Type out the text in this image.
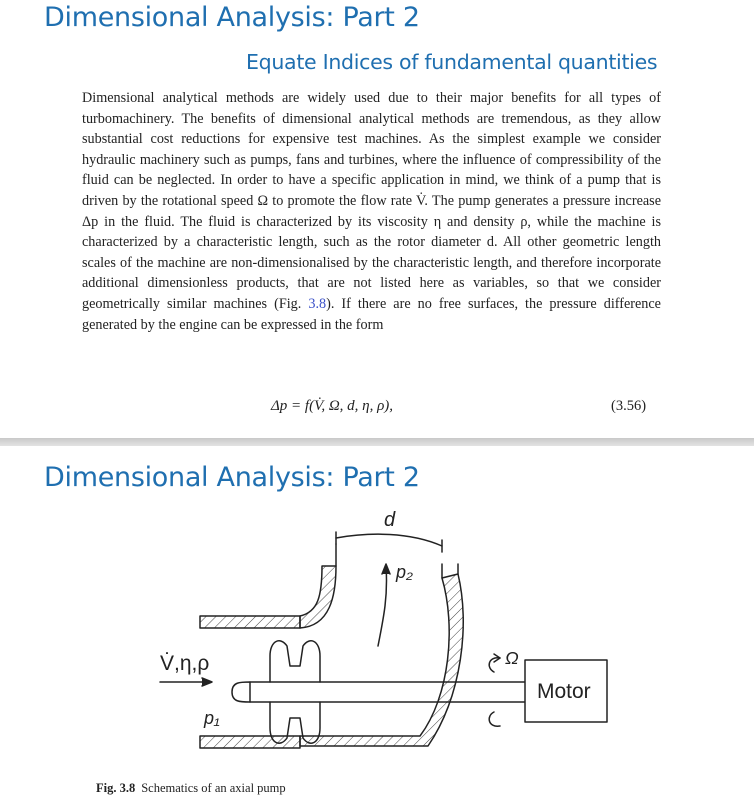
Dimensional Analysis: Part 2
Equate Indices of fundamental quantities

Dimensional analytical methods are widely used due to their major benefits for all types of turbomachinery. The benefits of dimensional analytical methods are tremendous, as they allow substantial cost reductions for expensive test machines. As the simplest example we consider hydraulic machinery such as pumps, fans and turbines, where the influence of compressibility of the fluid can be neglected. In order to have a specific application in mind, we think of a pump that is driven by the rotational speed Ω to promote the flow rate V̇. The pump generates a pressure increase Δp in the fluid. The fluid is characterized by its viscosity η and density ρ, while the machine is characterized by a characteristic length, such as the rotor diameter d. All other geometric length scales of the machine are non-dimensionalised by the characteristic length, and therefore incorporate additional dimensionless products, that are not listed here as variables, so that we consider geometrically similar machines (Fig. 3.8). If there are no free surfaces, the pressure difference generated by the engine can be expressed in the form

Δp = f(V̇, Ω, d, η, ρ),	(3.56)
Dimensional Analysis: Part 2
d
p₂
V̇,η,ρ
p₁
Ω
Motor
Fig. 3.8 Schematics of an axial pump
